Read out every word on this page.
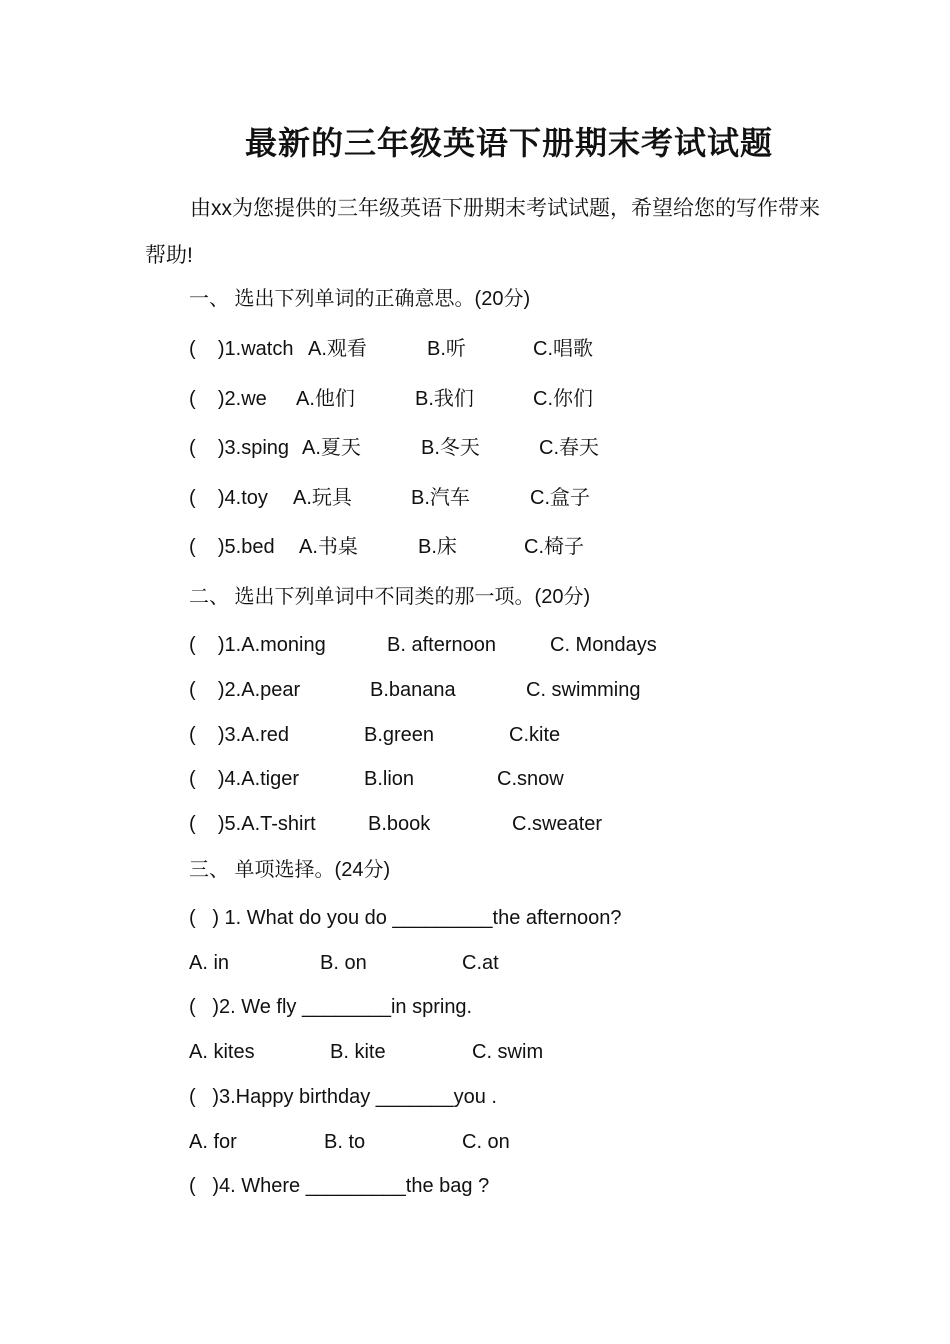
最新的三年级英语下册期末考试试题
由xx为您提供的三年级英语下册期末考试试题，希望给您的写作带来帮助!
一、 选出下列单词的正确意思。(20分)

(    )1.watch

A.观看

	B.听

	C.唱歌

(    )2.we

A.他们

	B.我们

	C.你们

(    )3.sping

A.夏天

	B.冬天

	C.春天

(    )4.toy

A.玩具

	B.汽车

	C.盒子

(    )5.bed

A.书桌

	B.床

	C.椅子

二、 选出下列单词中不同类的那一项。(20分)

(    )1.A.moning

	B. afternoon

	C. Mondays

(    )2.A.pear

	B.banana

	C. swimming

(    )3.A.red

	B.green

	C.kite

(    )4.A.tiger

	B.lion

	C.snow

(    )5.A.T-shirt

	B.book

	C.sweater

三、 单项选择。(24分)
(   ) 1. What do you do _________the afternoon?

A. in

	B. on

	C.at

(   )2. We fly ________in spring.

A. kites

	B. kite

	C. swim

(   )3.Happy birthday _______you .

A. for

	B. to

	C. on

(   )4. Where _________the bag ?
